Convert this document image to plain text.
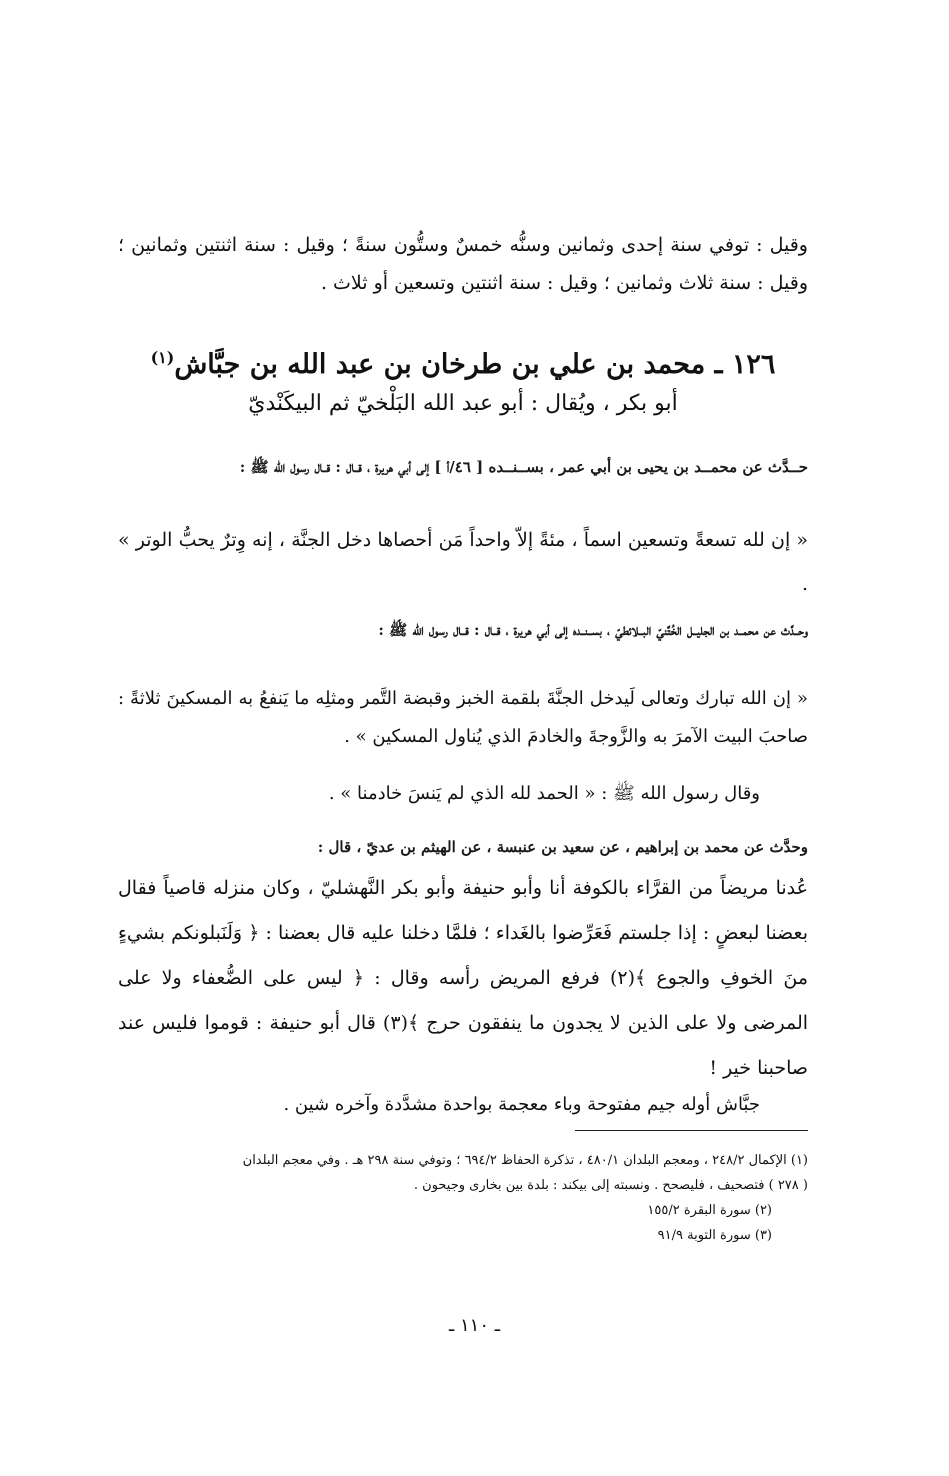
وقيل : توفي سنة إحدى وثمانين وسنُّه خمسٌ وستُّون سنةً ؛ وقيل : سنة اثنتين وثمانين ؛ وقيل : سنة ثلاث وثمانين ؛ وقيل : سنة اثنتين وتسعين أو ثلاث .

١٢٦ ـ محمد بن علي بن طرخان بن عبد الله بن جبَّاش$^{(١)}$
أبو بكر ، ويُقال : أبو عبد الله البَلْخيّ ثم البيكَنْديّ

حــدَّث عن محمــد بن يحيى بن أبي عمر ، بســنــده [ ٤٦/أ ] إلى أبي هريرة ، قــال : قــال رسول الله ﷺ :

« إن لله تسعةً وتسعين اسماً ، مئةً إلاّ واحداً مَن أحصاها دخل الجنَّة ، إنه وِترٌ يحبُّ الوتر » .

وحــدَّث عن محمــد بن الجليــل الخُتَّنيّ البــلائطيّ ، بســنــده إلى أبي هريرة ، قــال : قــال رسول الله ﷺ :

« إن الله تبارك وتعالى لَيدخل الجنَّةَ بلقمة الخبز وقبضة التَّمر ومثلِه ما يَنفعُ به المسكينَ ثلاثةً : صاحبَ البيت الآمرَ به والزَّوجةَ والخادمَ الذي يُناول المسكين » .

وقال رسول الله ﷺ : « الحمد لله الذي لم يَنسَ خادمنا » .

وحدَّث عن محمد بن إبراهيم ، عن سعيد بن عنبسة ، عن الهيثم بن عديّ ، قال :

عُدنا مريضاً من القرَّاء بالكوفة أنا وأبو حنيفة وأبو بكر النَّهشليّ ، وكان منزله قاصياً فقال بعضنا لبعضٍ : إذا جلستم فَعَرِّضوا بالغَداء ؛ فلمَّا دخلنا عليه قال بعضنا : ﴿ وَلَنَبلونكم بشيءٍ منَ الخوفِ والجوع ﴾(٢) فرفع المريض رأسه وقال : ﴿ ليس على الضُّعفاء ولا على المرضى ولا على الذين لا يجدون ما ينفقون حرج ﴾(٣) قال أبو حنيفة : قوموا فليس عند صاحبنا خير !

جبَّاش أوله جيم مفتوحة وباء معجمة بواحدة مشدَّدة وآخره شين .

(١) الإكمال ٢٤٨/٢ ، ومعجم البلدان ٤٨٠/١ ، تذكرة الحفاظ ٦٩٤/٢ ؛ وتوفي سنة ٢٩٨ هـ . وفي معجم البلدان
( ٢٧٨ ) فتصحيف ، فليصحح . ونسبته إلى بيكند : بلدة بين بخارى وجيحون .
(٢) سورة البقرة ١٥٥/٢
(٣) سورة التوبة ٩١/٩
ـ ١١٠ ـ
